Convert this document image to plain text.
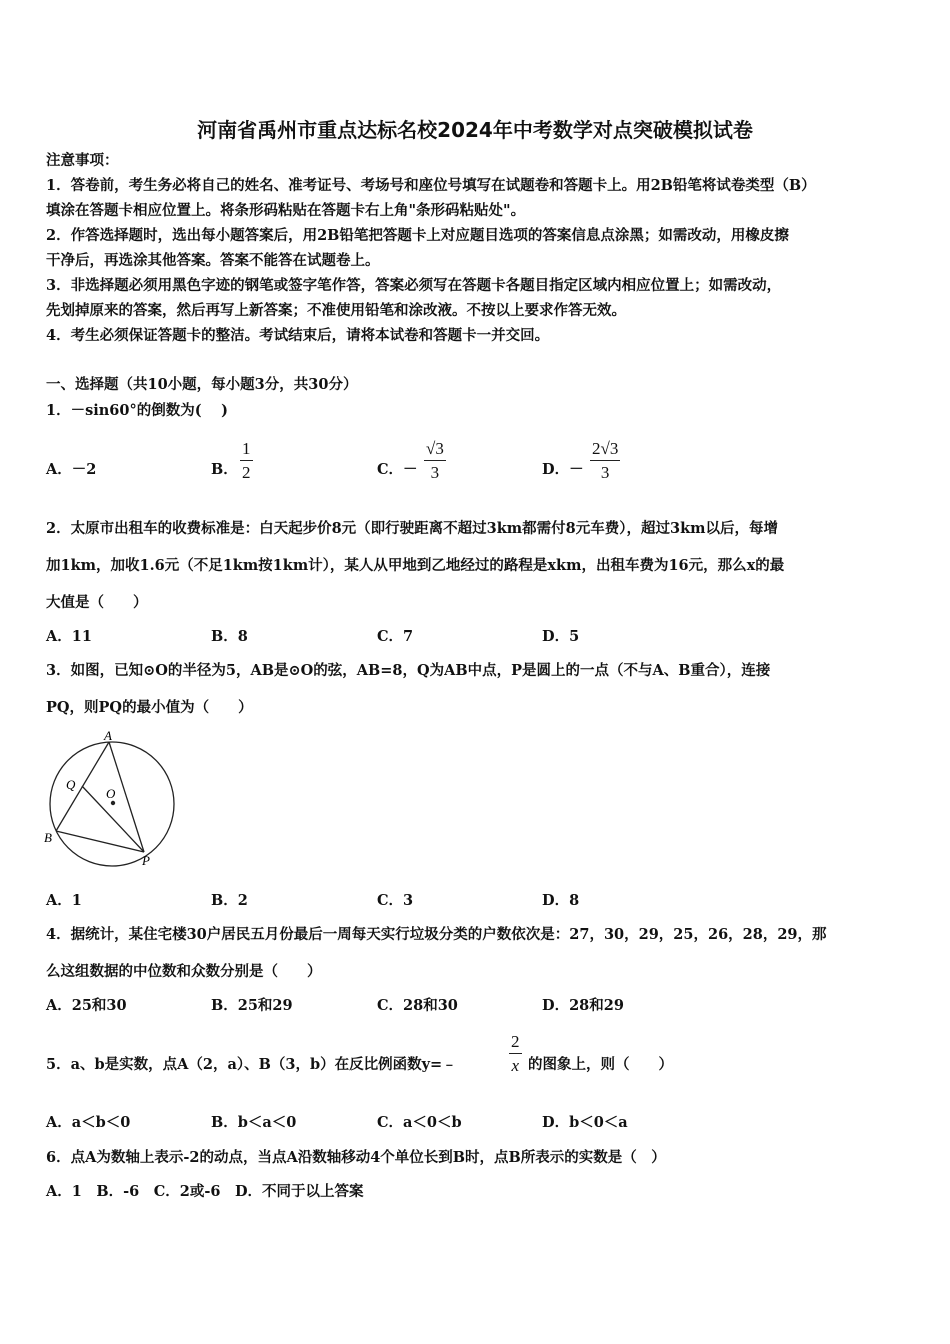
河南省禹州市重点达标名校2024年中考数学对点突破模拟试卷
注意事项：
1．答卷前，考生务必将自己的姓名、准考证号、考场号和座位号填写在试题卷和答题卡上。用2B铅笔将试卷类型（B）
填涂在答题卡相应位置上。将条形码粘贴在答题卡右上角"条形码粘贴处"。
2．作答选择题时，选出每小题答案后，用2B铅笔把答题卡上对应题目选项的答案信息点涂黑；如需改动，用橡皮擦
干净后，再选涂其他答案。答案不能答在试题卷上。
3．非选择题必须用黑色字迹的钢笔或签字笔作答，答案必须写在答题卡各题目指定区域内相应位置上；如需改动，
先划掉原来的答案，然后再写上新答案；不准使用铅笔和涂改液。不按以上要求作答无效。
4．考生必须保证答题卡的整洁。考试结束后，请将本试卷和答题卡一并交回。
一、选择题（共10小题，每小题3分，共30分）
1．－sin60°的倒数为(　 )
A．－2	B． $\frac{1}{2}$	C．－ $\frac{√3}{3}$	D．－ $\frac{2√3}{3}$
2．太原市出租车的收费标准是：白天起步价8元（即行驶距离不超过3km都需付8元车费），超过3km以后，每增
加1km，加收1.6元（不足1km按1km计），某人从甲地到乙地经过的路程是xkm，出租车费为16元，那么x的最
大值是（　　）
A．11	B．8	C．7	D．5
3．如图，已知⊙O的半径为5，AB是⊙O的弦，AB=8，Q为AB中点，P是圆上的一点（不与A、B重合），连接
PQ，则PQ的最小值为（　　）
A
Q
O
B
P
A．1	B．2	C．3	D．8
4．据统计，某住宅楼30户居民五月份最后一周每天实行垃圾分类的户数依次是：27，30，29，25，26，28，29，那
么这组数据的中位数和众数分别是（　　）
A．25和30	B．25和29	C．28和30	D．28和29
5．a、b是实数，点A（2，a）、B（3，b）在反比例函数y=﹣	$\frac{2}{x}$ 的图象上，则（　　）
A．a＜b＜0	B．b＜a＜0	C．a＜0＜b	D．b＜0＜a
6．点A为数轴上表示-2的动点，当点A沿数轴移动4个单位长到B时，点B所表示的实数是（　）
A．1　B．-6　C．2或-6　D．不同于以上答案
